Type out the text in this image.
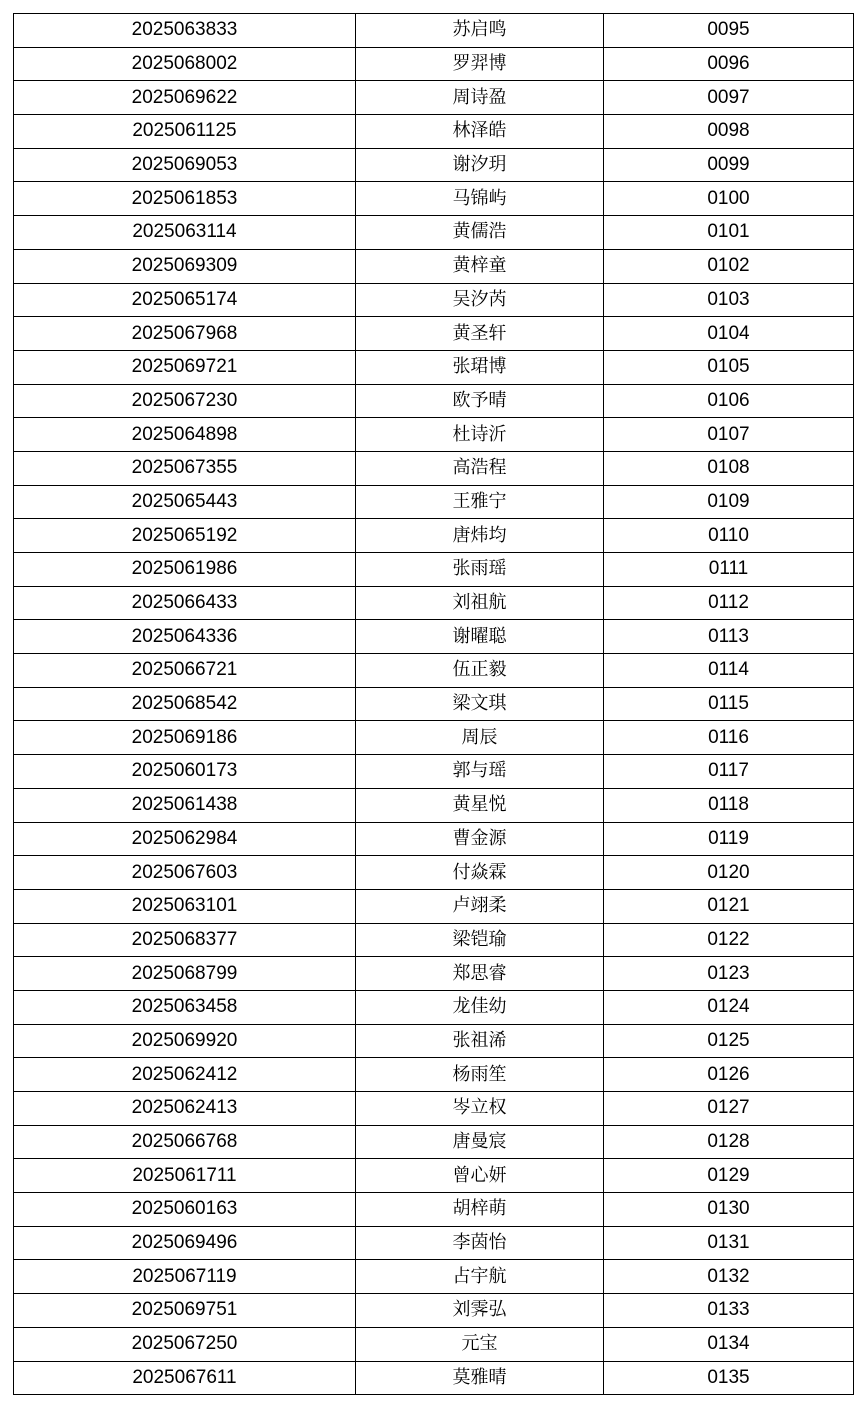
2025063833	苏启鸣	0095
2025068002	罗羿博	0096
2025069622	周诗盈	0097
2025061125	林泽皓	0098
2025069053	谢汐玥	0099
2025061853	马锦屿	0100
2025063114	黄儒浩	0101
2025069309	黄梓童	0102
2025065174	吴汐芮	0103
2025067968	黄圣轩	0104
2025069721	张珺博	0105
2025067230	欧予晴	0106
2025064898	杜诗沂	0107
2025067355	高浩程	0108
2025065443	王雅宁	0109
2025065192	唐炜均	0110
2025061986	张雨瑶	0111
2025066433	刘祖航	0112
2025064336	谢曜聪	0113
2025066721	伍正毅	0114
2025068542	梁文琪	0115
2025069186	周辰	0116
2025060173	郭与瑶	0117
2025061438	黄星悦	0118
2025062984	曹金源	0119
2025067603	付焱霖	0120
2025063101	卢翊柔	0121
2025068377	梁铠瑜	0122
2025068799	郑思睿	0123
2025063458	龙佳幼	0124
2025069920	张祖浠	0125
2025062412	杨雨笙	0126
2025062413	岑立权	0127
2025066768	唐曼宸	0128
2025061711	曾心妍	0129
2025060163	胡梓萌	0130
2025069496	李茵怡	0131
2025067119	占宇航	0132
2025069751	刘霁弘	0133
2025067250	元宝	0134
2025067611	莫雅晴	0135
